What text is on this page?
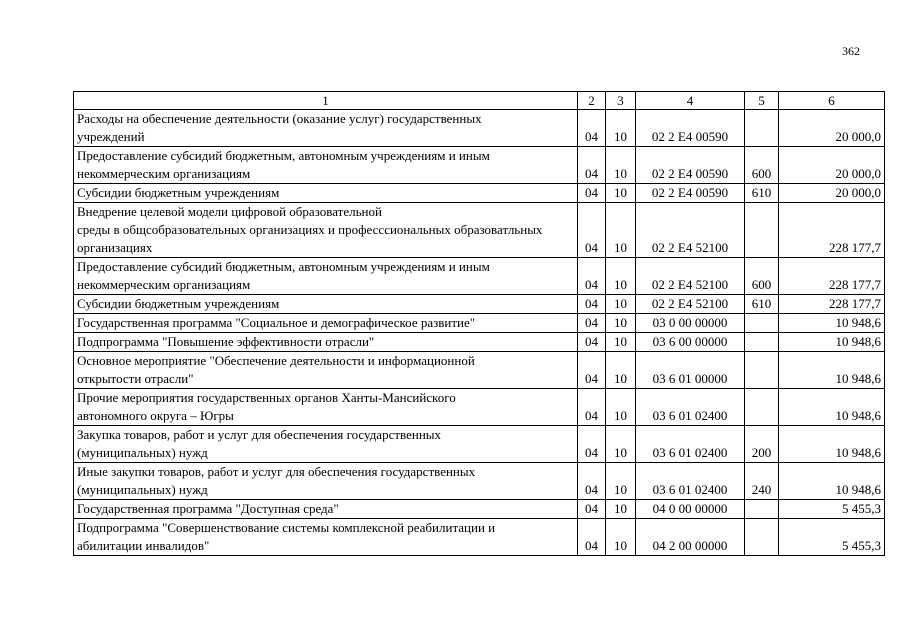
362
1	2	3	4	5	6

Расходы на обеспечение деятельности (оказание услуг) государственных
учреждений	04	10	02 2 E4 00590		20 000,0

Предоставление субсидий бюджетным, автономным учреждениям и иным
некоммерческим организациям	04	10	02 2 E4 00590	600	20 000,0
Субсидии бюджетным учреждениям	04	10	02 2 E4 00590	610	20 000,0

Внедрение целевой модели цифровой образовательной
среды в общсобразовательных организациях и професcсиональных образоватльных
организациях	04	10	02 2 E4 52100		228 177,7

Предоставление субсидий бюджетным, автономным учреждениям и иным
некоммерческим организациям	04	10	02 2 E4 52100	600	228 177,7
Субсидии бюджетным учреждениям	04	10	02 2 E4 52100	610	228 177,7
Государственная программа "Социальное и демографическое развитие"	04	10	03 0 00 00000		10 948,6
Подпрограмма "Повышение эффективности отрасли"	04	10	03 6 00 00000		10 948,6

Основное мероприятие "Обеспечение деятельности и информационной
открытости отрасли"	04	10	03 6 01 00000		10 948,6

Прочие мероприятия государственных органов Ханты-Мансийского
автономного округа – Югры	04	10	03 6 01 02400		10 948,6

Закупка товаров, работ и услуг для обеспечения государственных
(муниципальных) нужд	04	10	03 6 01 02400	200	10 948,6

Иные закупки товаров, работ и услуг для обеспечения государственных
(муниципальных) нужд	04	10	03 6 01 02400	240	10 948,6
Государственная программа "Доступная среда"	04	10	04 0 00 00000		5 455,3

Подпрограмма "Совершенствование системы комплексной реабилитации и
абилитации инвалидов"	04	10	04 2 00 00000		5 455,3
